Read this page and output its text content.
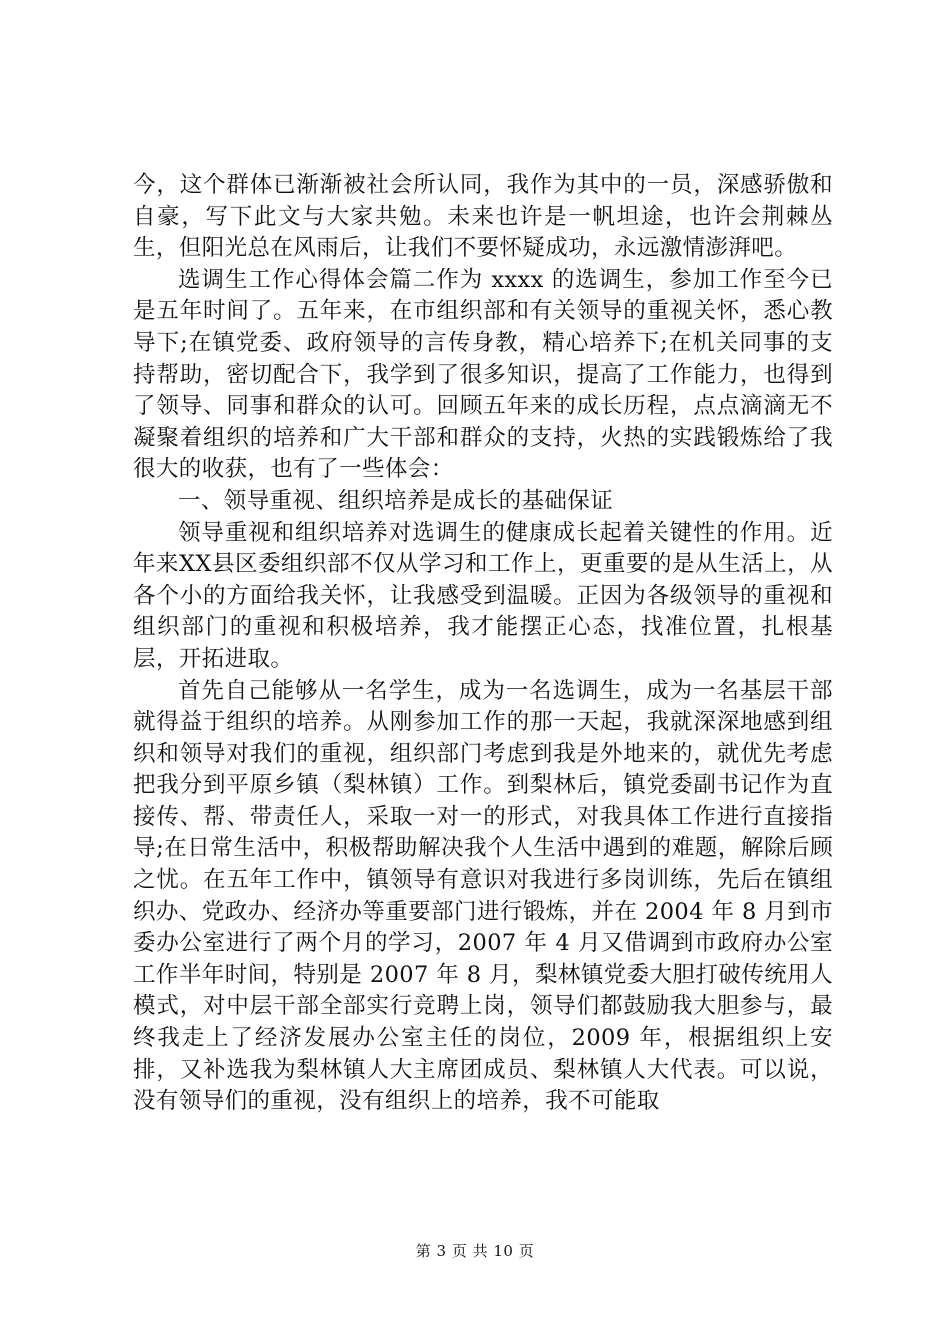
今，这个群体已渐渐被社会所认同，我作为其中的一员，深感骄傲和自豪，写下此文与大家共勉。未来也许是一帆坦途，也许会荆棘丛生，但阳光总在风雨后，让我们不要怀疑成功，永远激情澎湃吧。

选调生工作心得体会篇二作为 xxxx 的选调生，参加工作至今已是五年时间了。五年来，在市组织部和有关领导的重视关怀，悉心教导下;在镇党委、政府领导的言传身教，精心培养下;在机关同事的支持帮助，密切配合下，我学到了很多知识，提高了工作能力，也得到了领导、同事和群众的认可。回顾五年来的成长历程，点点滴滴无不凝聚着组织的培养和广大干部和群众的支持，火热的实践锻炼给了我很大的收获，也有了一些体会：

一、领导重视、组织培养是成长的基础保证

领导重视和组织培养对选调生的健康成长起着关键性的作用。近年来XX县区委组织部不仅从学习和工作上，更重要的是从生活上，从各个小的方面给我关怀，让我感受到温暖。正因为各级领导的重视和组织部门的重视和积极培养，我才能摆正心态，找准位置，扎根基层，开拓进取。

首先自己能够从一名学生，成为一名选调生，成为一名基层干部就得益于组织的培养。从刚参加工作的那一天起，我就深深地感到组织和领导对我们的重视，组织部门考虑到我是外地来的，就优先考虑把我分到平原乡镇（梨林镇）工作。到梨林后，镇党委副书记作为直接传、帮、带责任人，采取一对一的形式，对我具体工作进行直接指导;在日常生活中，积极帮助解决我个人生活中遇到的难题，解除后顾之忧。在五年工作中，镇领导有意识对我进行多岗训练，先后在镇组织办、党政办、经济办等重要部门进行锻炼，并在 2004 年 8 月到市委办公室进行了两个月的学习，2007 年 4 月又借调到市政府办公室工作半年时间，特别是 2007 年 8 月，梨林镇党委大胆打破传统用人模式，对中层干部全部实行竞聘上岗，领导们都鼓励我大胆参与，最终我走上了经济发展办公室主任的岗位，2009 年，根据组织上安排，又补选我为梨林镇人大主席团成员、梨林镇人大代表。可以说，没有领导们的重视，没有组织上的培养，我不可能取

第 3 页 共 10 页
